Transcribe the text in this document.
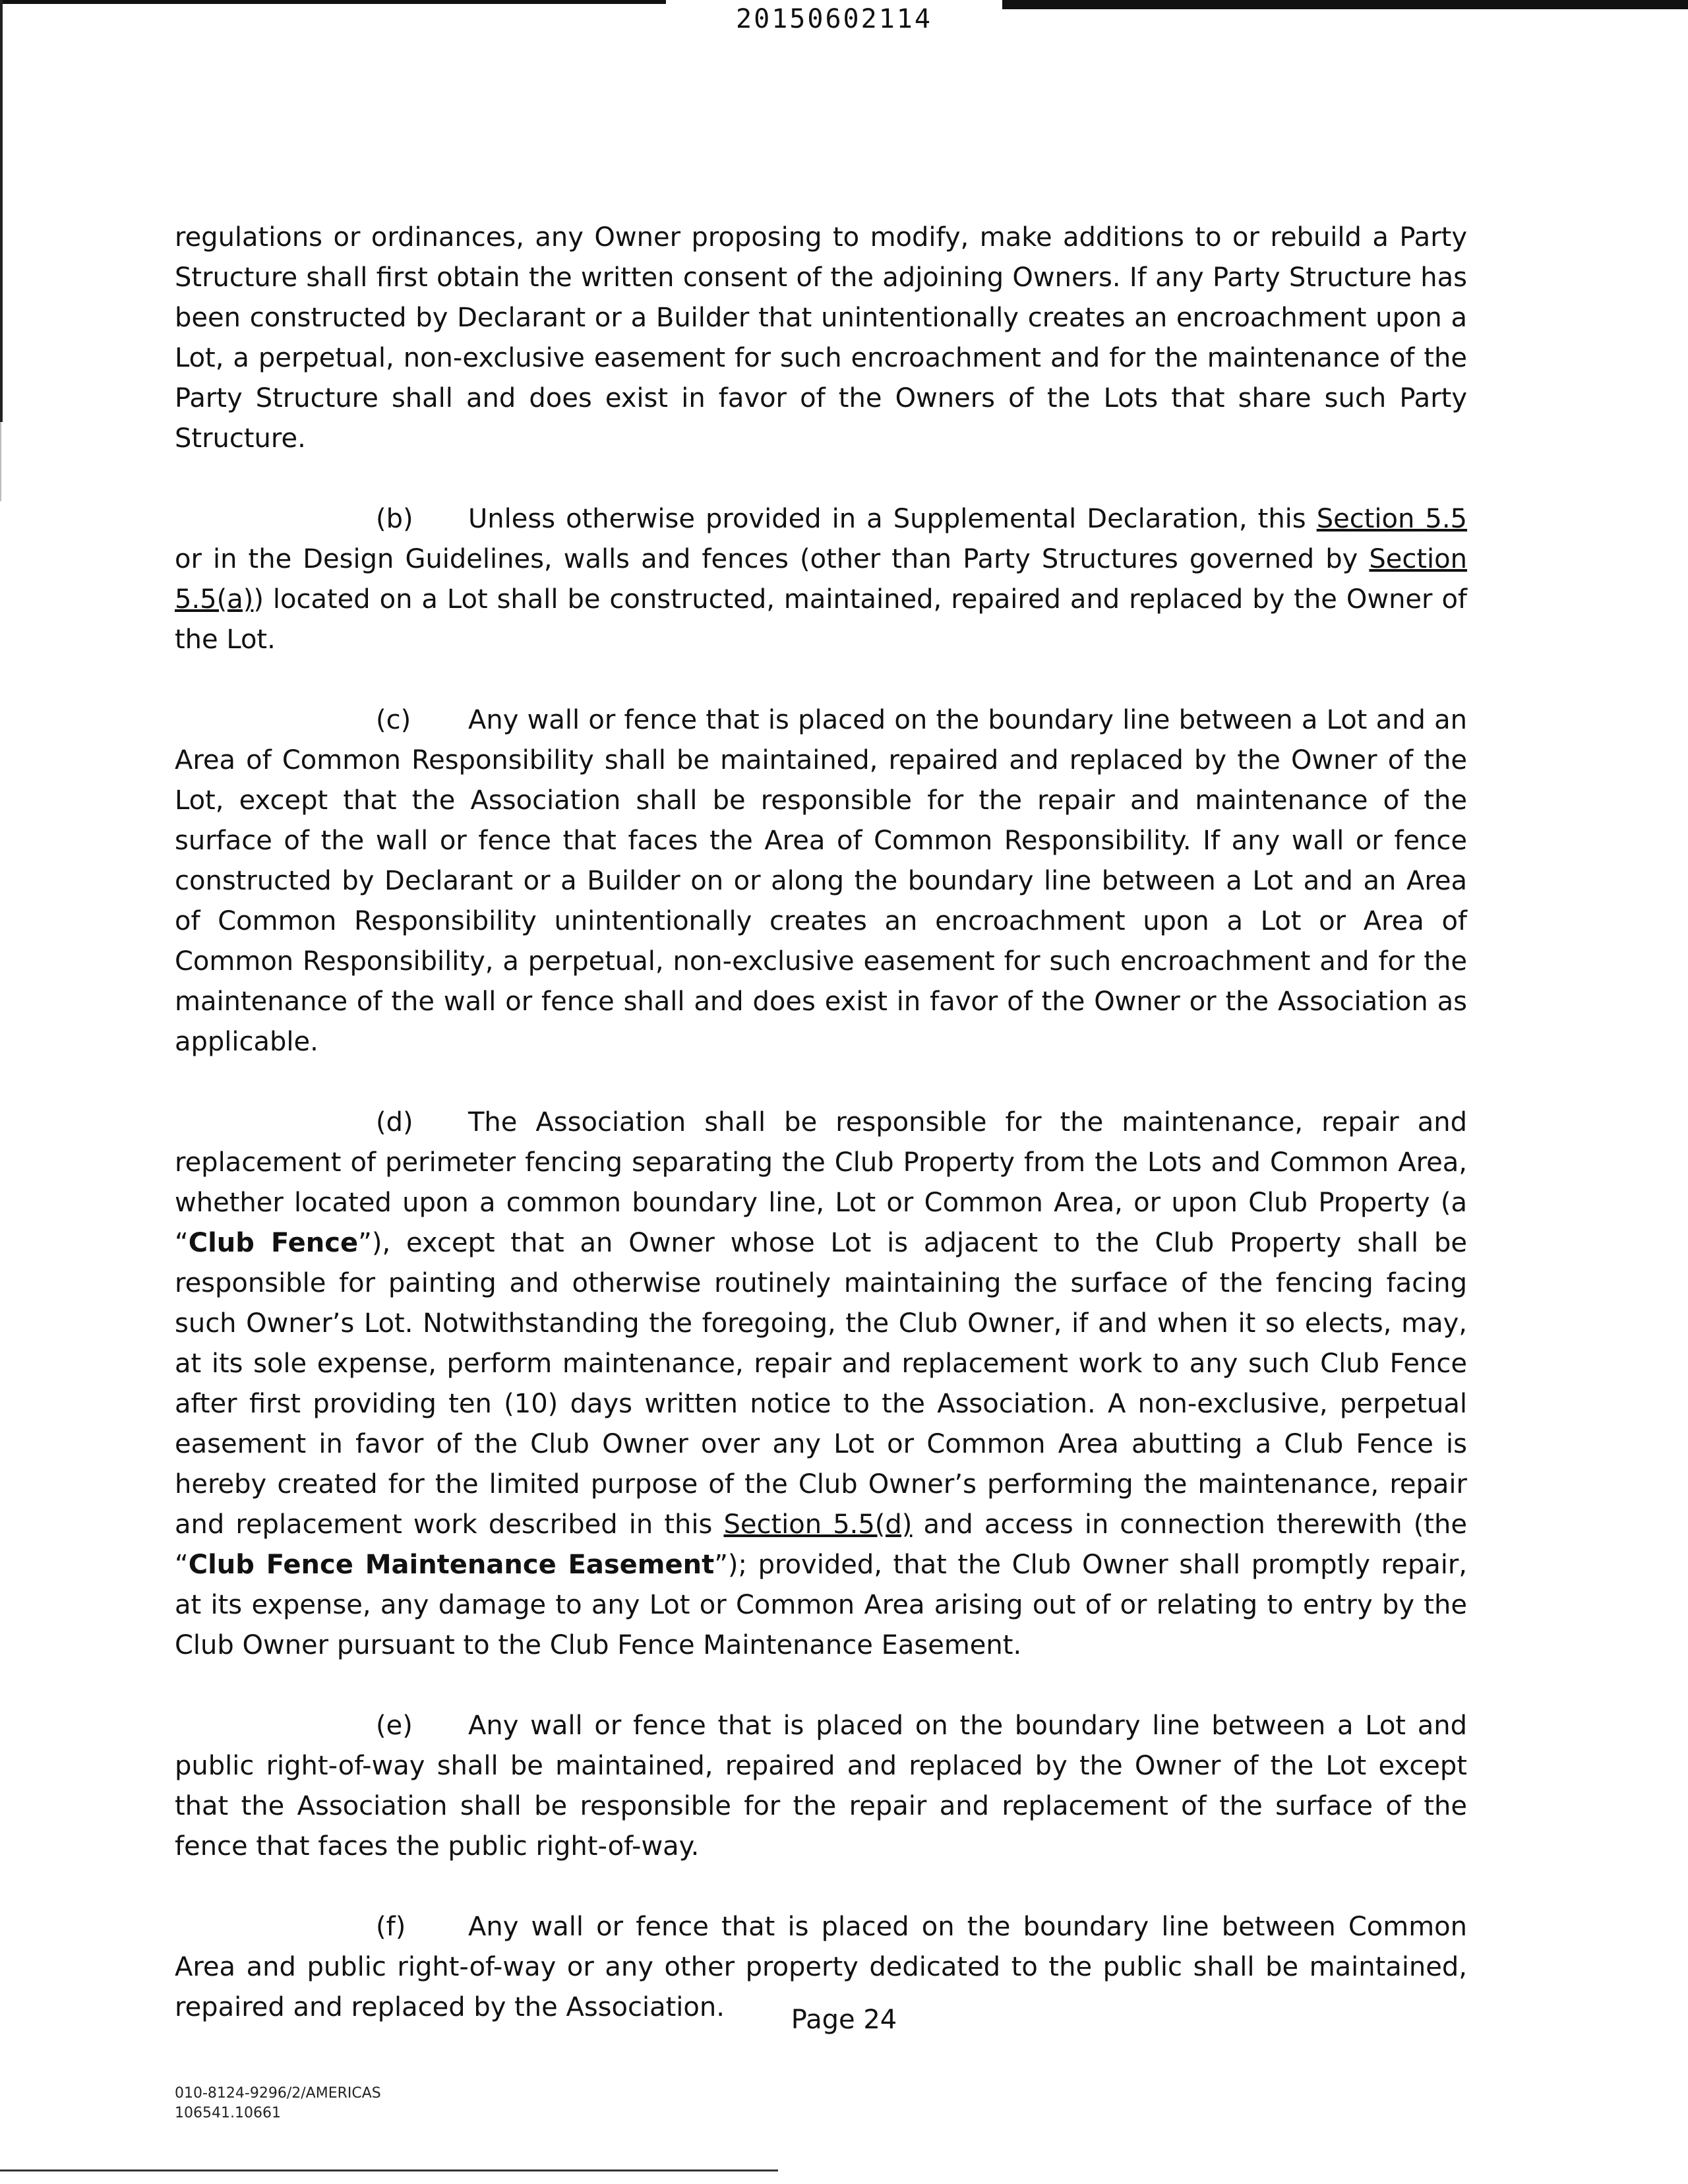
20150602114

regulations or ordinances, any Owner proposing to modify, make additions to or rebuild a Party Structure shall first obtain the written consent of the adjoining Owners. If any Party Structure has been constructed by Declarant or a Builder that unintentionally creates an encroachment upon a Lot, a perpetual, non-exclusive easement for such encroachment and for the maintenance of the Party Structure shall and does exist in favor of the Owners of the Lots that share such Party Structure.

(b) Unless otherwise provided in a Supplemental Declaration, this Section 5.5 or in the Design Guidelines, walls and fences (other than Party Structures governed by Section 5.5(a)) located on a Lot shall be constructed, maintained, repaired and replaced by the Owner of the Lot.

(c) Any wall or fence that is placed on the boundary line between a Lot and an Area of Common Responsibility shall be maintained, repaired and replaced by the Owner of the Lot, except that the Association shall be responsible for the repair and maintenance of the surface of the wall or fence that faces the Area of Common Responsibility. If any wall or fence constructed by Declarant or a Builder on or along the boundary line between a Lot and an Area of Common Responsibility unintentionally creates an encroachment upon a Lot or Area of Common Responsibility, a perpetual, non-exclusive easement for such encroachment and for the maintenance of the wall or fence shall and does exist in favor of the Owner or the Association as applicable.

(d) The Association shall be responsible for the maintenance, repair and replacement of perimeter fencing separating the Club Property from the Lots and Common Area, whether located upon a common boundary line, Lot or Common Area, or upon Club Property (a “Club Fence”), except that an Owner whose Lot is adjacent to the Club Property shall be responsible for painting and otherwise routinely maintaining the surface of the fencing facing such Owner’s Lot. Notwithstanding the foregoing, the Club Owner, if and when it so elects, may, at its sole expense, perform maintenance, repair and replacement work to any such Club Fence after first providing ten (10) days written notice to the Association. A non-exclusive, perpetual easement in favor of the Club Owner over any Lot or Common Area abutting a Club Fence is hereby created for the limited purpose of the Club Owner’s performing the maintenance, repair and replacement work described in this Section 5.5(d) and access in connection therewith (the “Club Fence Maintenance Easement”); provided, that the Club Owner shall promptly repair, at its expense, any damage to any Lot or Common Area arising out of or relating to entry by the Club Owner pursuant to the Club Fence Maintenance Easement.

(e) Any wall or fence that is placed on the boundary line between a Lot and public right-of-way shall be maintained, repaired and replaced by the Owner of the Lot except that the Association shall be responsible for the repair and replacement of the surface of the fence that faces the public right-of-way.

(f) Any wall or fence that is placed on the boundary line between Common Area and public right-of-way or any other property dedicated to the public shall be maintained, repaired and replaced by the Association.	Page 24
010-8124-9296/2/AMERICAS
106541.10661
